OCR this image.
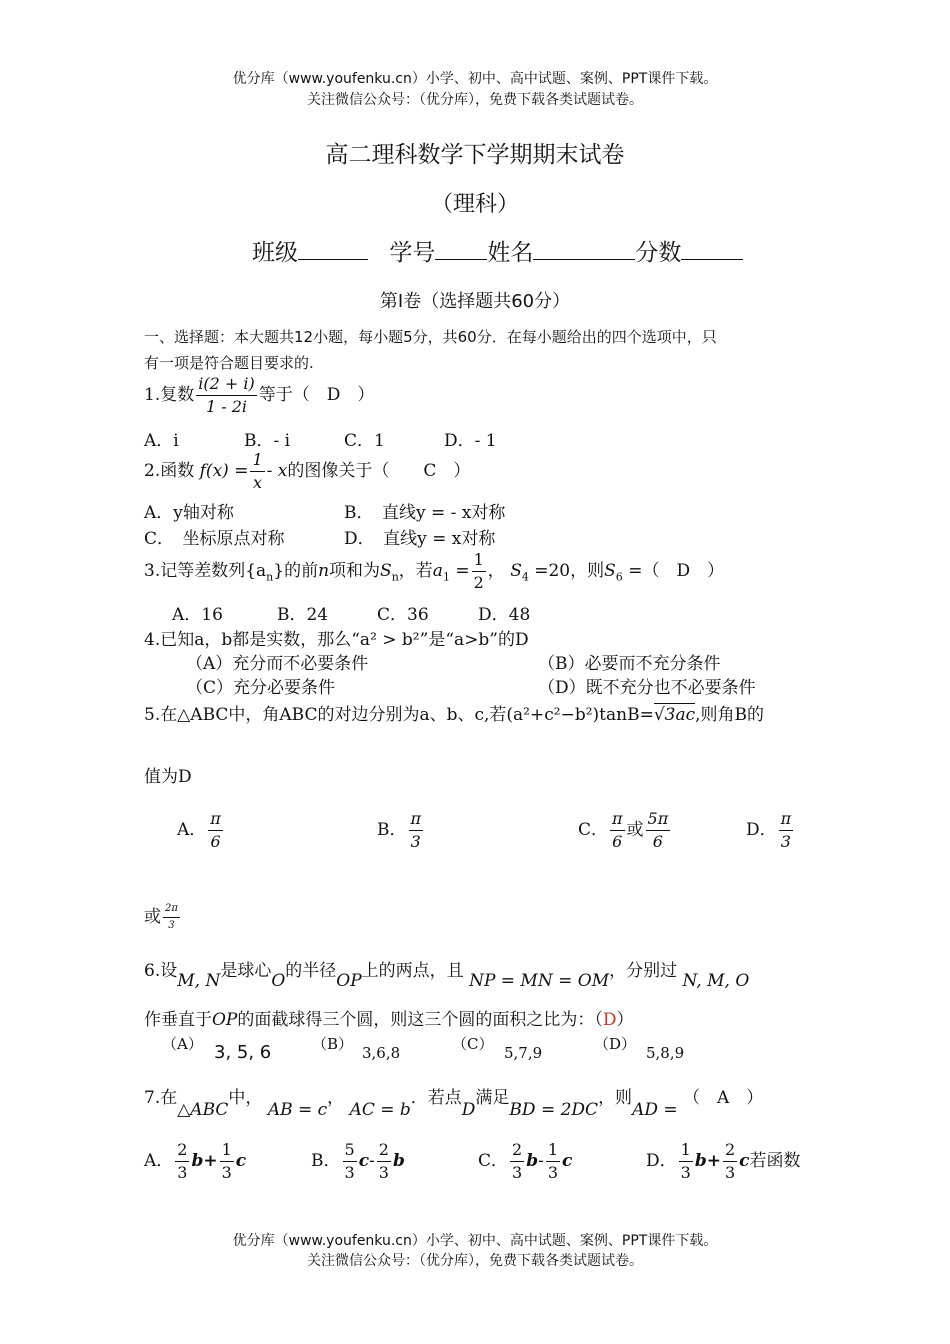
优分库（www.youfenku.cn）小学、初中、高中试题、案例、PPT课件下载。
关注微信公众号：（优分库），免费下载各类试题试卷。
高二理科数学下学期期末试卷
（理科）
班级	学号 姓名	分数
第Ⅰ卷（选择题共60分）
一、选择题：本大题共12小题，每小题5分，共60分．在每小题给出的四个选项中，只
有一项是符合题目要求的.
1.复数 $\frac{i(2 + i)}{1 - 2i}$ 等于（　D　）
A．i	B．- i	C．1	D．- 1
2.函数 $f(x) = \frac{1}{x} - x$的图像关于（　　C　）
A．y轴对称	B．　直线y = - x对称
C．　坐标原点对称	D．　直线y = x对称
3.记等差数列$\{a_n\}$的前n项和为$S_n$，若$a_1 = \frac{1}{2}$ ， $S_4 =20$，则$S_6$ =（　D　）
A．16	B．24	C．36	D．48
4.已知a，b都是实数，那么“a² > b²”是“a>b”的D
（A）充分而不必要条件	（B）必要而不充分条件
（C）充分必要条件	（D）既不充分也不必要条件
5.在△ABC中，角ABC的对边分别为a、b、c,若(a²+c²−b²)tanB=√3ac,则角B的
值为D
A． $\frac{\pi}{6}$	B． $\frac{\pi}{3}$	C． $\frac{\pi}{6}$ 或 $\frac{5\pi}{6}$	D． $\frac{\pi}{3}$
或 $\frac{2\pi}{3}$
6.设M, N是球心O的半径OP上的两点，且 NP = MN = OM，分别过 N, M, O
作垂直于OP的面截球得三个圆，则这三个圆的面积之比为：（D）
（A） 3, 5, 6	（B） 3,6,8	（C） 5,7,9	（D） 5,8,9
7.在△ABC中， AB = c， AC = b．若点D满足BD = 2DC，则AD = （　A　）
A． $\frac{2}{3} b+ \frac{1}{3}$ c	B． $\frac{5}{3} c- \frac{2}{3}$ b	C． $\frac{2}{3} b- \frac{1}{3}$ c	D． $\frac{1}{3} b+ \frac{2}{3}$ c若函数
优分库（www.youfenku.cn）小学、初中、高中试题、案例、PPT课件下载。
关注微信公众号：（优分库），免费下载各类试题试卷。
